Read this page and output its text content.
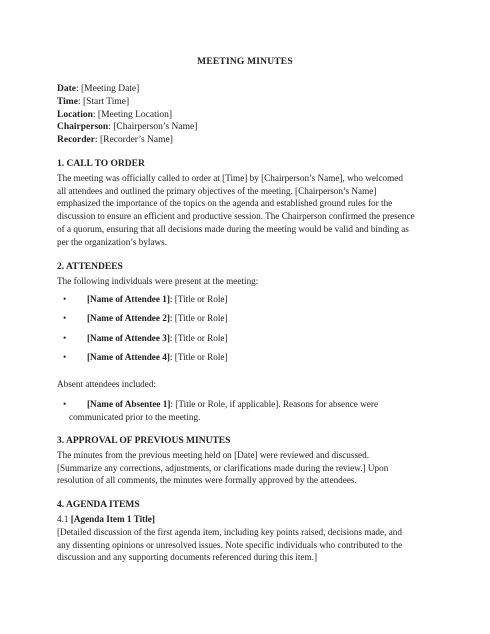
MEETING MINUTES
Date: [Meeting Date]
Time: [Start Time]
Location: [Meeting Location]
Chairperson: [Chairperson’s Name]
Recorder: [Recorder’s Name]
1. CALL TO ORDER
The meeting was officially called to order at [Time] by [Chairperson’s Name], who welcomed
all attendees and outlined the primary objectives of the meeting. [Chairperson’s Name]
emphasized the importance of the topics on the agenda and established ground rules for the
discussion to ensure an efficient and productive session. The Chairperson confirmed the presence
of a quorum, ensuring that all decisions made during the meeting would be valid and binding as
per the organization’s bylaws.
2. ATTENDEES
The following individuals were present at the meeting:
• [Name of Attendee 1]: [Title or Role]
• [Name of Attendee 2]: [Title or Role]
• [Name of Attendee 3]: [Title or Role]
• [Name of Attendee 4]: [Title or Role]
Absent attendees included:
•	[Name of Absentee 1]: [Title or Role, if applicable]. Reasons for absence were
communicated prior to the meeting.
3. APPROVAL OF PREVIOUS MINUTES
The minutes from the previous meeting held on [Date] were reviewed and discussed.
[Summarize any corrections, adjustments, or clarifications made during the review.] Upon
resolution of all comments, the minutes were formally approved by the attendees.
4. AGENDA ITEMS
4.1 [Agenda Item 1 Title]
[Detailed discussion of the first agenda item, including key points raised, decisions made, and
any dissenting opinions or unresolved issues. Note specific individuals who contributed to the
discussion and any supporting documents referenced during this item.]
